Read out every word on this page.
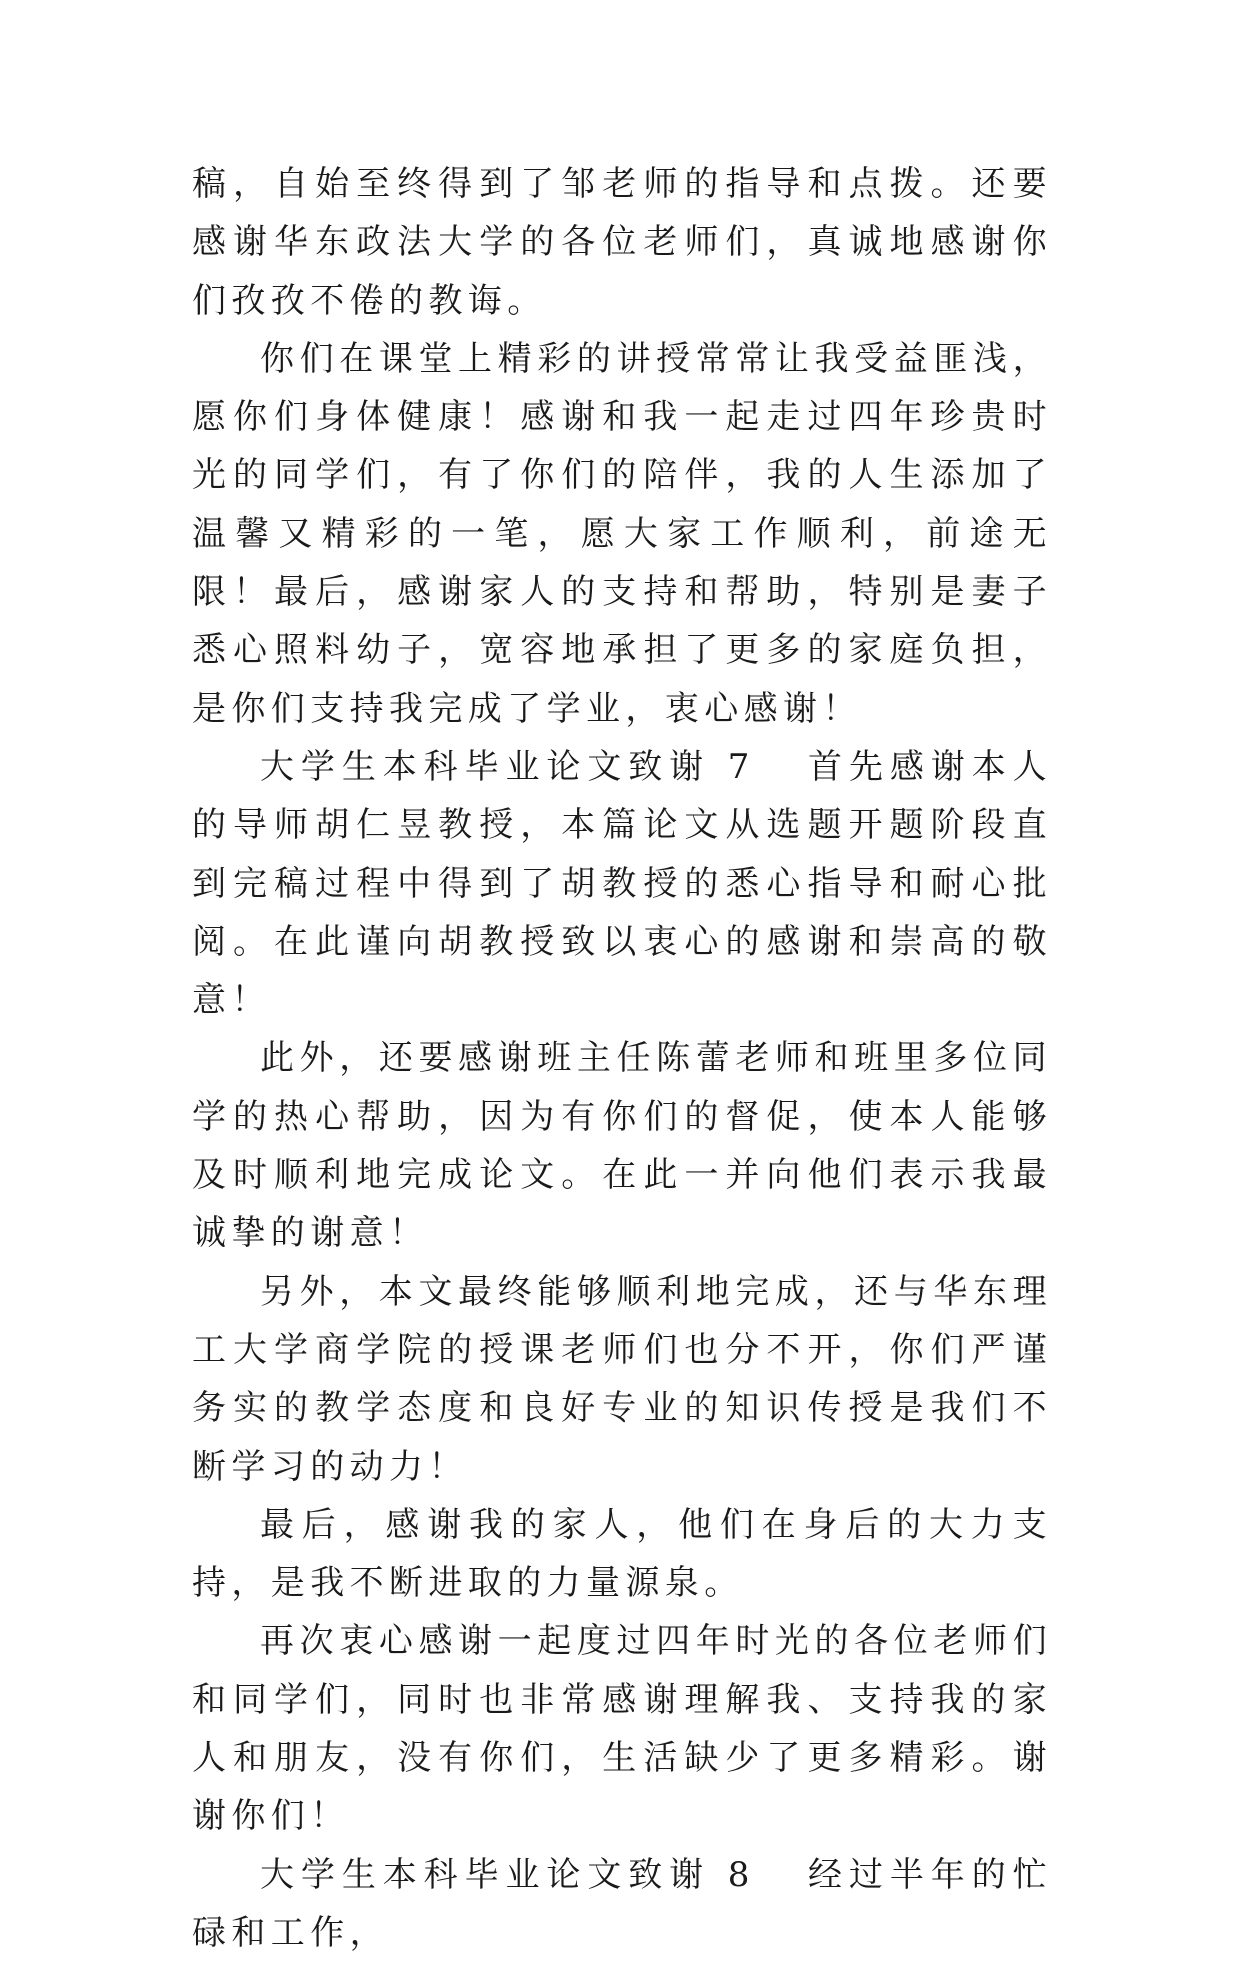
稿，自始至终得到了邹老师的指导和点拨。还要感谢华东政法大学的各位老师们，真诚地感谢你们孜孜不倦的教诲。

你们在课堂上精彩的讲授常常让我受益匪浅，愿你们身体健康！感谢和我一起走过四年珍贵时光的同学们，有了你们的陪伴，我的人生添加了温馨又精彩的一笔，愿大家工作顺利，前途无限！最后，感谢家人的支持和帮助，特别是妻子悉心照料幼子，宽容地承担了更多的家庭负担，是你们支持我完成了学业，衷心感谢！

大学生本科毕业论文致谢 7 首先感谢本人的导师胡仁昱教授，本篇论文从选题开题阶段直到完稿过程中得到了胡教授的悉心指导和耐心批阅。在此谨向胡教授致以衷心的感谢和崇高的敬意！

此外，还要感谢班主任陈蕾老师和班里多位同学的热心帮助，因为有你们的督促，使本人能够及时顺利地完成论文。在此一并向他们表示我最诚挚的谢意！

另外，本文最终能够顺利地完成，还与华东理工大学商学院的授课老师们也分不开，你们严谨务实的教学态度和良好专业的知识传授是我们不断学习的动力！

最后，感谢我的家人，他们在身后的大力支持，是我不断进取的力量源泉。

再次衷心感谢一起度过四年时光的各位老师们和同学们，同时也非常感谢理解我、支持我的家人和朋友，没有你们，生活缺少了更多精彩。谢谢你们！

大学生本科毕业论文致谢 8 经过半年的忙碌和工作，
